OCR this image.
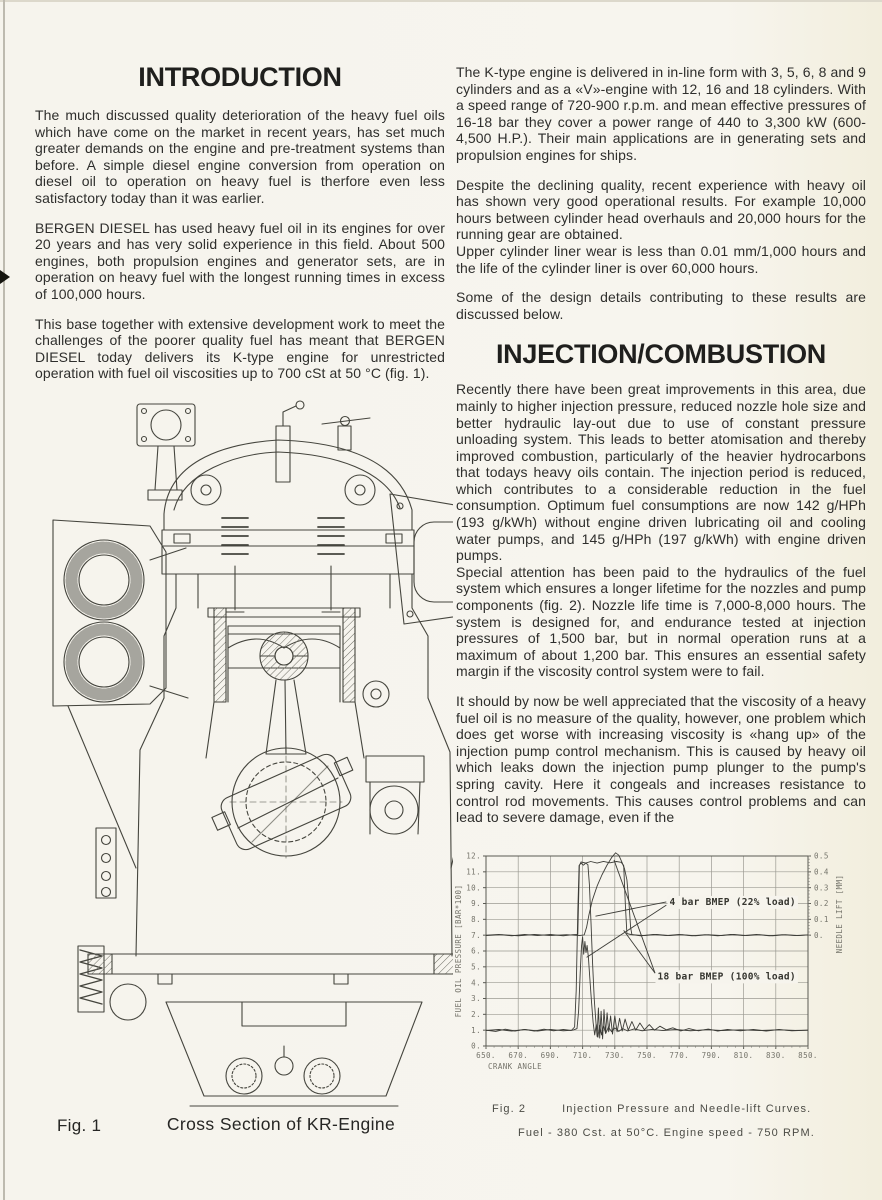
INTRODUCTION

The much discussed quality deterioration of the heavy fuel oils which have come on the market in recent years, has set much greater demands on the engine and pre-treatment systems than before. A simple diesel engine conversion from operation on diesel oil to operation on heavy fuel is therfore even less satisfactory today than it was earlier.

BERGEN DIESEL has used heavy fuel oil in its engines for over 20 years and has very solid experience in this field. About 500 engines, both propulsion engines and generator sets, are in operation on heavy fuel with the longest running times in excess of 100,000 hours.

This base together with extensive development work to meet the challenges of the poorer quality fuel has meant that BERGEN DIESEL today delivers its K-type engine for unrestricted operation with fuel oil viscosities up to 700 cSt at 50 °C (fig. 1).

Fig. 1	Cross Section of KR-Engine

The K-type engine is delivered in in-line form with 3, 5, 6, 8 and 9 cylinders and as a «V»-engine with 12, 16 and 18 cylinders. With a speed range of 720-900 r.p.m. and mean effective pressures of 16-18 bar they cover a power range of 440 to 3,300 kW (600-4,500 H.P.). Their main applications are in generating sets and propulsion engines for ships.

Despite the declining quality, recent experience with heavy oil has shown very good operational results. For example 10,000 hours between cylinder head overhauls and 20,000 hours for the running gear are obtained.

Upper cylinder liner wear is less than 0.01 mm/1,000 hours and the life of the cylinder liner is over 60,000 hours.

Some of the design details contributing to these results are discussed below.

INJECTION/COMBUSTION

Recently there have been great improvements in this area, due mainly to higher injection pressure, reduced nozzle hole size and better hydraulic lay-out due to use of constant pressure unloading system. This leads to better atomisation and thereby improved combustion, particularly of the heavier hydrocarbons that todays heavy oils contain. The injection period is reduced, which contributes to a considerable reduction in the fuel consumption. Optimum fuel consumptions are now 142 g/HPh (193 g/kWh) without engine driven lubricating oil and cooling water pumps, and 145 g/HPh (197 g/kWh) with engine driven pumps.

Special attention has been paid to the hydraulics of the fuel system which ensures a longer lifetime for the nozzles and pump components (fig. 2). Nozzle life time is 7,000-8,000 hours. The system is designed for, and endurance tested at injection pressures of 1,500 bar, but in normal operation runs at a maximum of about 1,200 bar. This ensures an essential safety margin if the viscosity control system were to fail.

It should by now be well appreciated that the viscosity of a heavy fuel oil is no measure of the quality, however, one problem which does get worse with increasing viscosity is «hang up» of the injection pump control mechanism. This is caused by heavy oil which leaks down the injection pump plunger to the pump's spring cavity. Here it congeals and increases resistance to control rod movements. This causes control problems and can lead to severe damage, even if the

0.
1.
2.
3.
4.
5.
6.
7.
8.
9.
10.
11.
12.
0.
0.1
0.2
0.3
0.4
0.5
650. 670. 690. 710. 730. 750. 770. 790. 810. 830. 850.
CRANK ANGLE
FUEL OIL PRESSURE [BAR*100]	NEEDLE LIFT [MM]
4 bar BMEP (22% load)
18 bar BMEP (100% load)
Fig. 2	Injection Pressure and Needle-lift Curves.
Fuel - 380 Cst. at 50°C. Engine speed - 750 RPM.
